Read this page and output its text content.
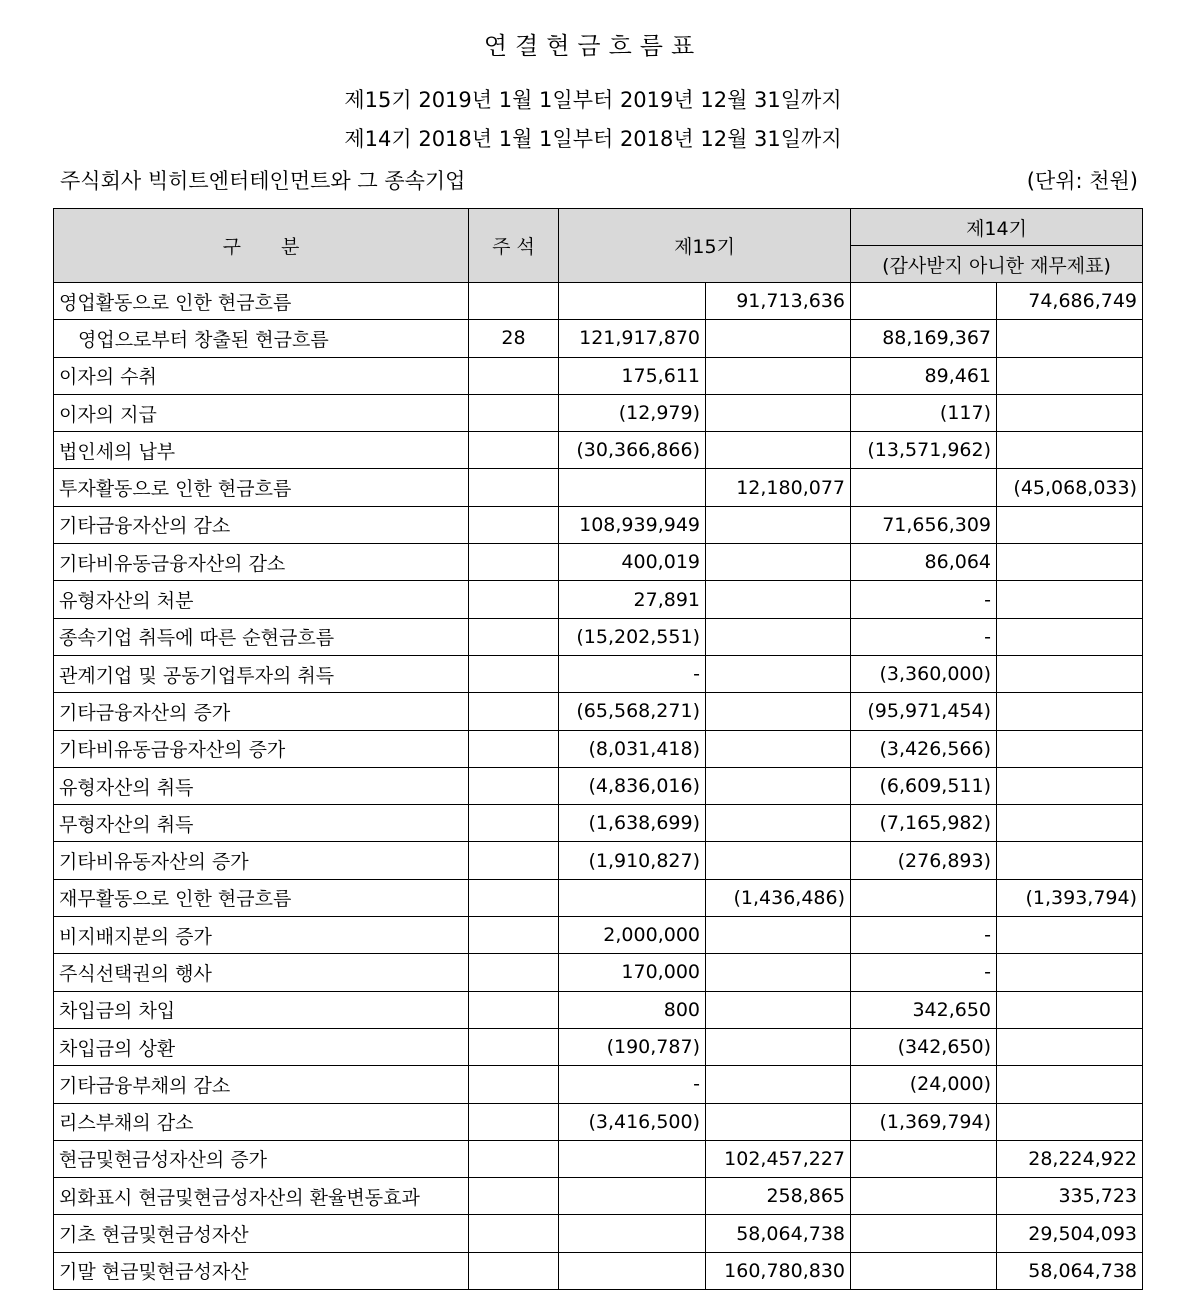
연결현금흐름표
제15기 2019년 1월 1일부터 2019년 12월 31일까지
제14기 2018년 1월 1일부터 2018년 12월 31일까지
주식회사 빅히트엔터테인먼트와 그 종속기업	(단위: 천원)
구 분	주 석	제15기		제14기	
				(감사받지 아니한 재무제표)	
영업활동으로 인한 현금흐름			91,713,636		74,686,749
영업으로부터 창출된 현금흐름	28	121,917,870		88,169,367	
이자의 수취		175,611		89,461	
이자의 지급		(12,979)		(117)	
법인세의 납부		(30,366,866)		(13,571,962)	
투자활동으로 인한 현금흐름			12,180,077		(45,068,033)
기타금융자산의 감소		108,939,949		71,656,309	
기타비유동금융자산의 감소		400,019		86,064	
유형자산의 처분		27,891		-	
종속기업 취득에 따른 순현금흐름		(15,202,551)		-	
관계기업 및 공동기업투자의 취득		-		(3,360,000)	
기타금융자산의 증가		(65,568,271)		(95,971,454)	
기타비유동금융자산의 증가		(8,031,418)		(3,426,566)	
유형자산의 취득		(4,836,016)		(6,609,511)	
무형자산의 취득		(1,638,699)		(7,165,982)	
기타비유동자산의 증가		(1,910,827)		(276,893)	
재무활동으로 인한 현금흐름			(1,436,486)		(1,393,794)
비지배지분의 증가		2,000,000		-	
주식선택권의 행사		170,000		-	
차입금의 차입		800		342,650	
차입금의 상환		(190,787)		(342,650)	
기타금융부채의 감소		-		(24,000)	
리스부채의 감소		(3,416,500)		(1,369,794)	
현금및현금성자산의 증가			102,457,227		28,224,922
외화표시 현금및현금성자산의 환율변동효과			258,865		335,723
기초 현금및현금성자산			58,064,738		29,504,093
기말 현금및현금성자산			160,780,830		58,064,738
